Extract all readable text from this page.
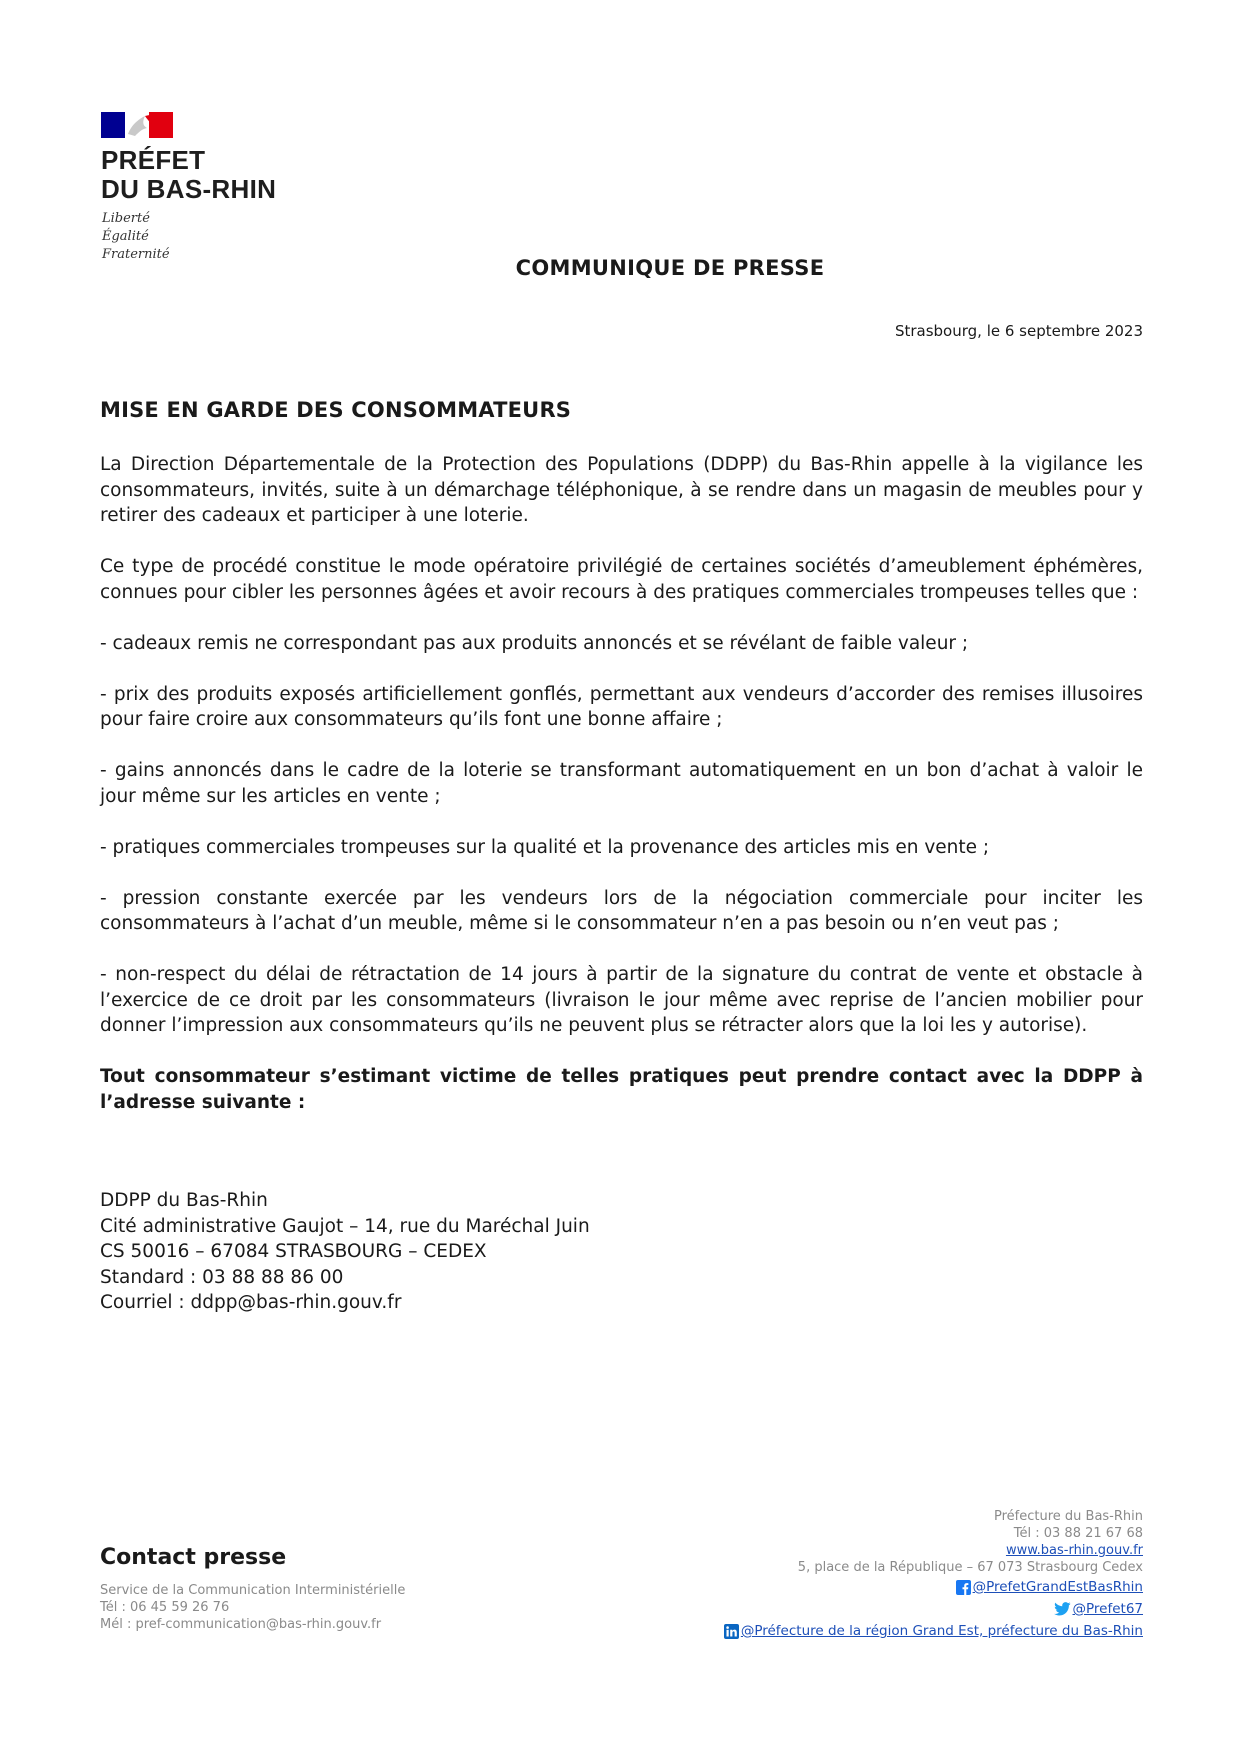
PRÉFET
DU BAS-RHIN
Liberté
Égalité
Fraternité
COMMUNIQUE DE PRESSE
Strasbourg, le 6 septembre 2023
MISE EN GARDE DES CONSOMMATEURS

La Direction Départementale de la Protection des Populations (DDPP) du Bas-Rhin appelle à la vigilance les consommateurs, invités, suite à un démarchage téléphonique, à se rendre dans un magasin de meubles pour y retirer des cadeaux et participer à une loterie.

Ce type de procédé constitue le mode opératoire privilégié de certaines sociétés d’ameublement éphémères, connues pour cibler les personnes âgées et avoir recours à des pratiques commerciales trompeuses telles que :

- cadeaux remis ne correspondant pas aux produits annoncés et se révélant de faible valeur ;

- prix des produits exposés artificiellement gonflés, permettant aux vendeurs d’accorder des remises illusoires pour faire croire aux consommateurs qu’ils font une bonne affaire ;

- gains annoncés dans le cadre de la loterie se transformant automatiquement en un bon d’achat à valoir le jour même sur les articles en vente ;

- pratiques commerciales trompeuses sur la qualité et la provenance des articles mis en vente ;

- pression constante exercée par les vendeurs lors de la négociation commerciale pour inciter les consommateurs à l’achat d’un meuble, même si le consommateur n’en a pas besoin ou n’en veut pas ;

- non-respect du délai de rétractation de 14 jours à partir de la signature du contrat de vente et obstacle à l’exercice de ce droit par les consommateurs (livraison le jour même avec reprise de l’ancien mobilier pour donner l’impression aux consommateurs qu’ils ne peuvent plus se rétracter alors que la loi les y autorise).

Tout consommateur s’estimant victime de telles pratiques peut prendre contact avec la DDPP à l’adresse suivante :

DDPP du Bas-Rhin
Cité administrative Gaujot – 14, rue du Maréchal Juin
CS 50016 – 67084 STRASBOURG – CEDEX
Standard : 03 88 88 86 00
Courriel : ddpp@bas-rhin.gouv.fr
Contact presse
Service de la Communication Interministérielle
Tél : 06 45 59 26 76
Mél : pref-communication@bas-rhin.gouv.fr
Préfecture du Bas-Rhin
Tél : 03 88 21 67 68
www.bas-rhin.gouv.fr
5, place de la République – 67 073 Strasbourg Cedex
@PrefetGrandEstBasRhin
@Prefet67
@Préfecture de la région Grand Est, préfecture du Bas-Rhin
